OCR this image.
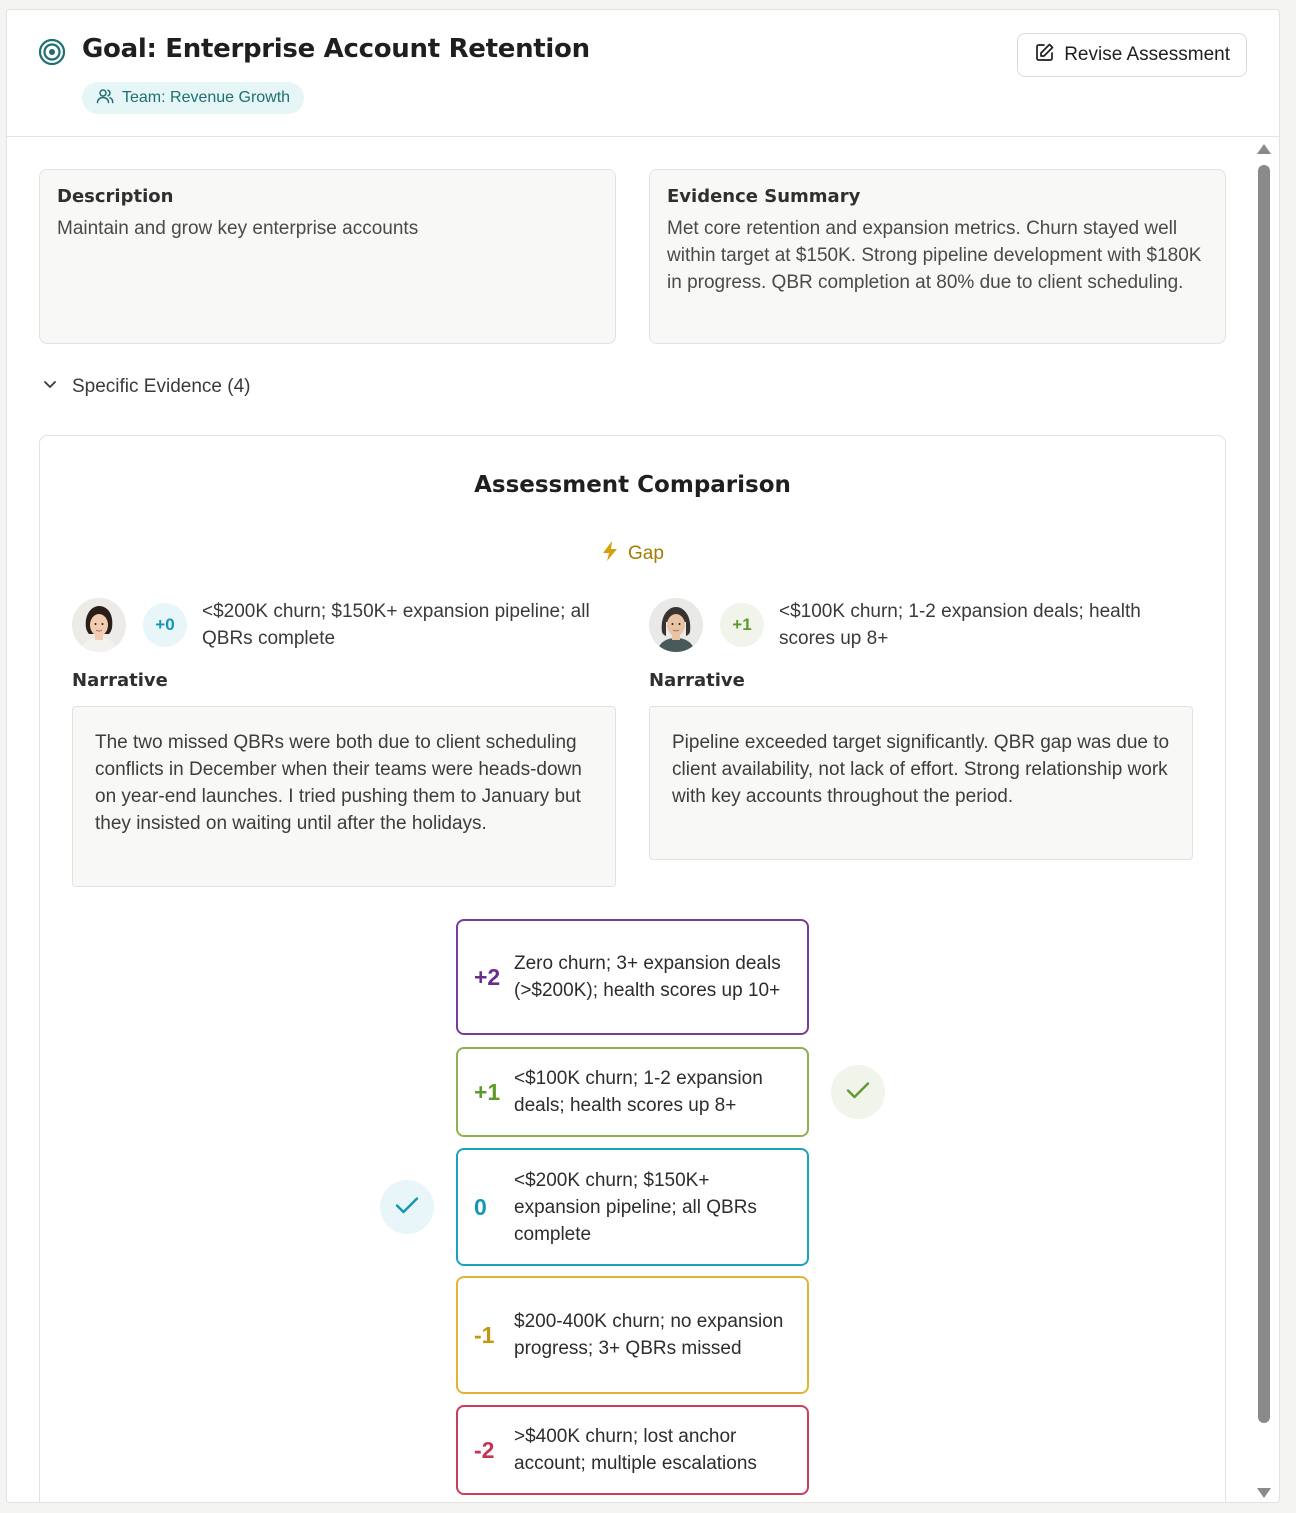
Goal: Enterprise Account Retention
Team: Revenue Growth
Revise Assessment
Description

Maintain and grow key enterprise accounts

Evidence Summary

Met core retention and expansion metrics. Churn stayed well within target at $150K. Strong pipeline development with $180K in progress. QBR completion at 80% due to client scheduling.

Specific Evidence (4)
Assessment Comparison
Gap
+0
<$200K churn; $150K+ expansion pipeline; all QBRs complete
Narrative
The two missed QBRs were both due to client scheduling conflicts in December when their teams were heads-down on year-end launches. I tried pushing them to January but they insisted on waiting until after the holidays.
+1
<$100K churn; 1-2 expansion deals; health scores up 8+
Narrative
Pipeline exceeded target significantly. QBR gap was due to client availability, not lack of effort. Strong relationship work with key accounts throughout the period.
+2 Zero churn; 3+ expansion deals (>$200K); health scores up 10+
+1 <$100K churn; 1-2 expansion deals; health scores up 8+
0
<$200K churn; $150K+ expansion pipeline; all QBRs complete
-1 $200-400K churn; no expansion progress; 3+ QBRs missed
-2 >$400K churn; lost anchor account; multiple escalations
